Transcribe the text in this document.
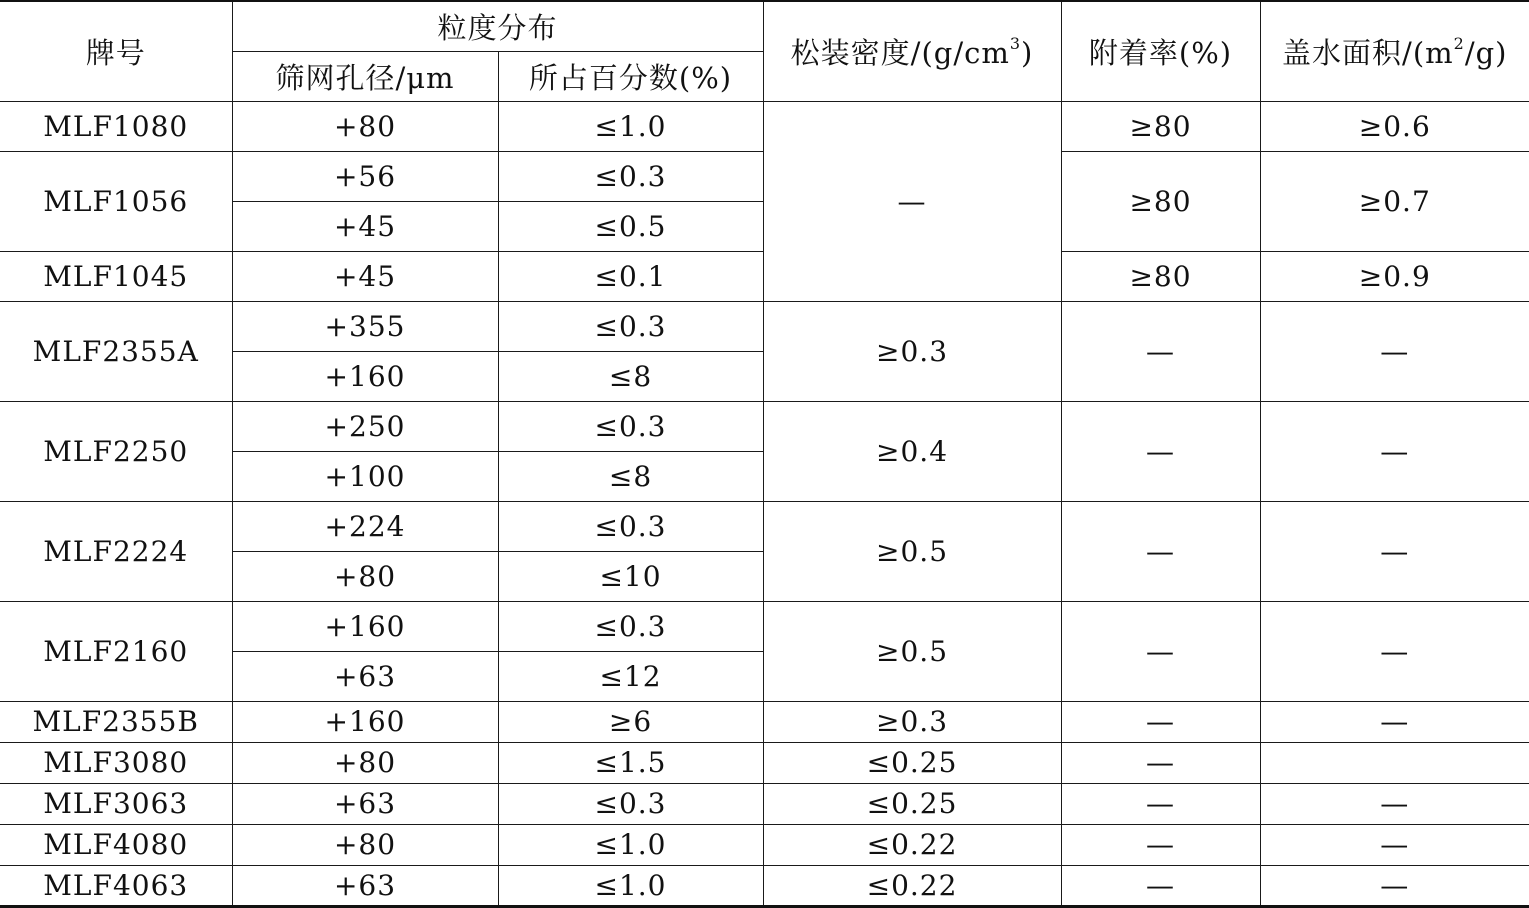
牌号	粒度分布		松装密度$/(g/cm^3)$	附着率(%)	盖水面积$/(m^2/g)$
	筛网孔径/μm	所占百分数(%)			
MLF1080	+80	≤1.0	—	≥80	≥0.6
MLF1056	+56	≤0.3		≥80	≥0.7
	+45	≤0.5			
MLF1045	+45	≤0.1		≥80	≥0.9
MLF2355A	+355	≤0.3	≥0.3	—	—
	+160	≤8			
MLF2250	+250	≤0.3	≥0.4	—	—
	+100	≤8			
MLF2224	+224	≤0.3	≥0.5	—	—
	+80	≤10			
MLF2160	+160	≤0.3	≥0.5	—	—
	+63	≤12			
MLF2355B	+160	≥6	≥0.3	—	—
MLF3080	+80	≤1.5	≤0.25	—	
MLF3063	+63	≤0.3	≤0.25	—	—
MLF4080	+80	≤1.0	≤0.22	—	—
MLF4063	+63	≤1.0	≤0.22	—	—
